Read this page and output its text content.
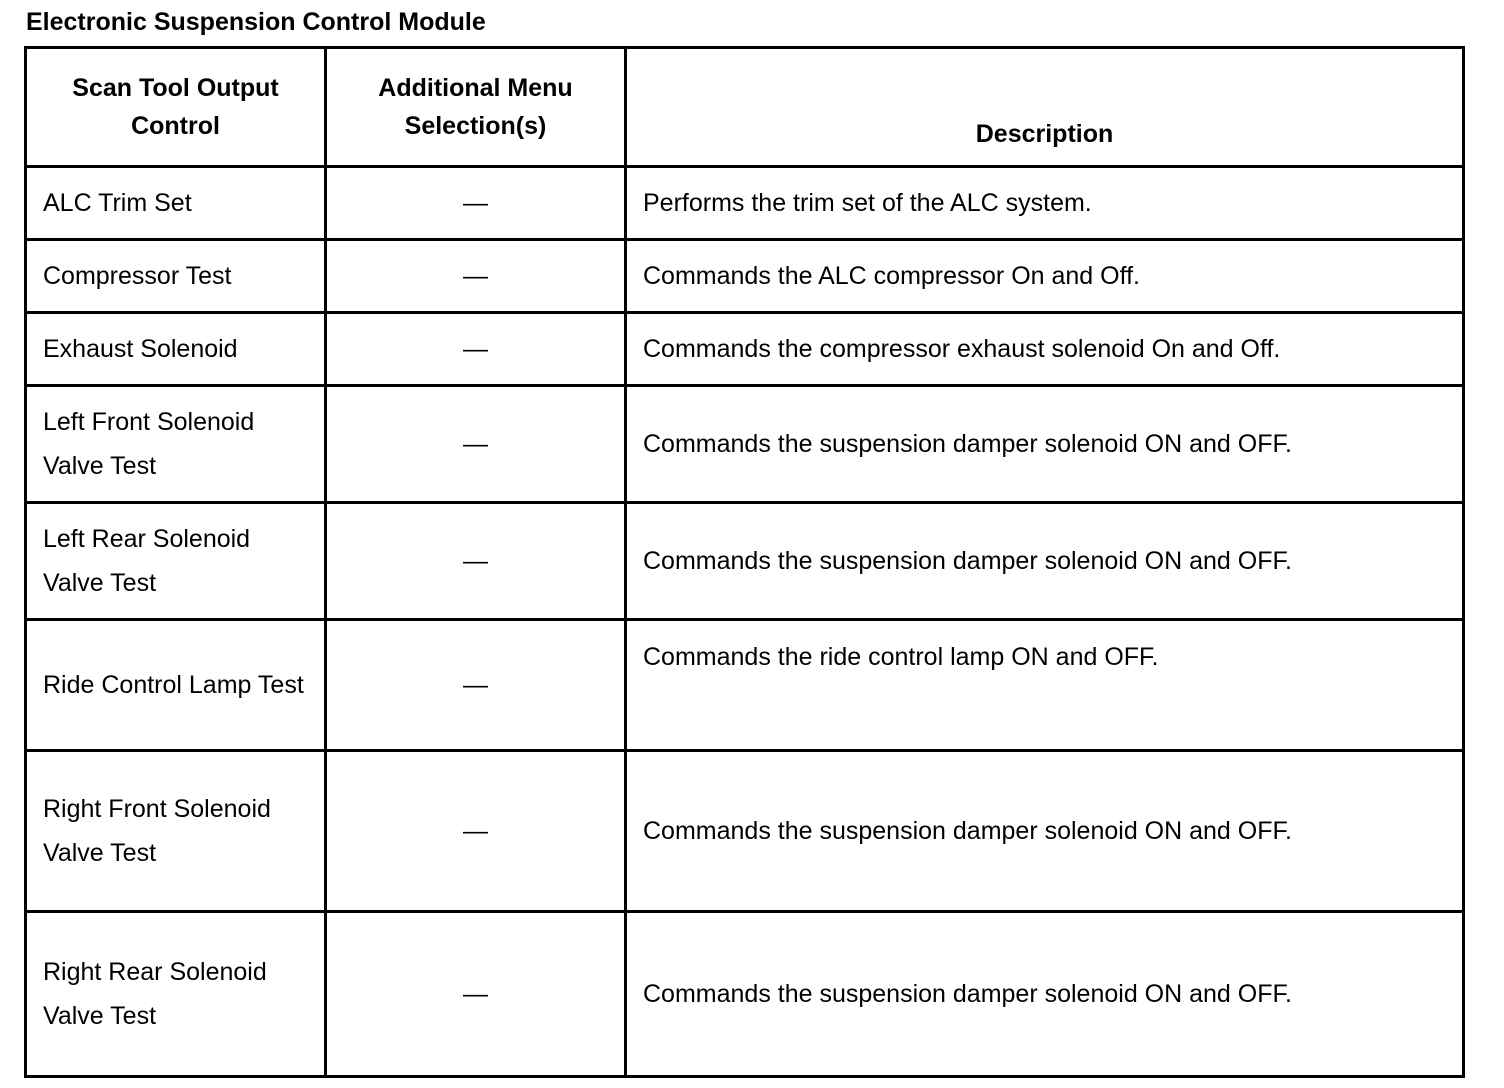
Electronic Suspension Control Module
Scan Tool Output Control	Additional Menu Selection(s)	Description
ALC Trim Set	—	Performs the trim set of the ALC system.
Compressor Test	—	Commands the ALC compressor On and Off.
Exhaust Solenoid	—	Commands the compressor exhaust solenoid On and Off.
Left Front Solenoid Valve Test	—	Commands the suspension damper solenoid ON and OFF.
Left Rear Solenoid Valve Test	—	Commands the suspension damper solenoid ON and OFF.
Ride Control Lamp Test	—	Commands the ride control lamp ON and OFF.
Right Front Solenoid Valve Test	—	Commands the suspension damper solenoid ON and OFF.
Right Rear Solenoid Valve Test	—	Commands the suspension damper solenoid ON and OFF.
